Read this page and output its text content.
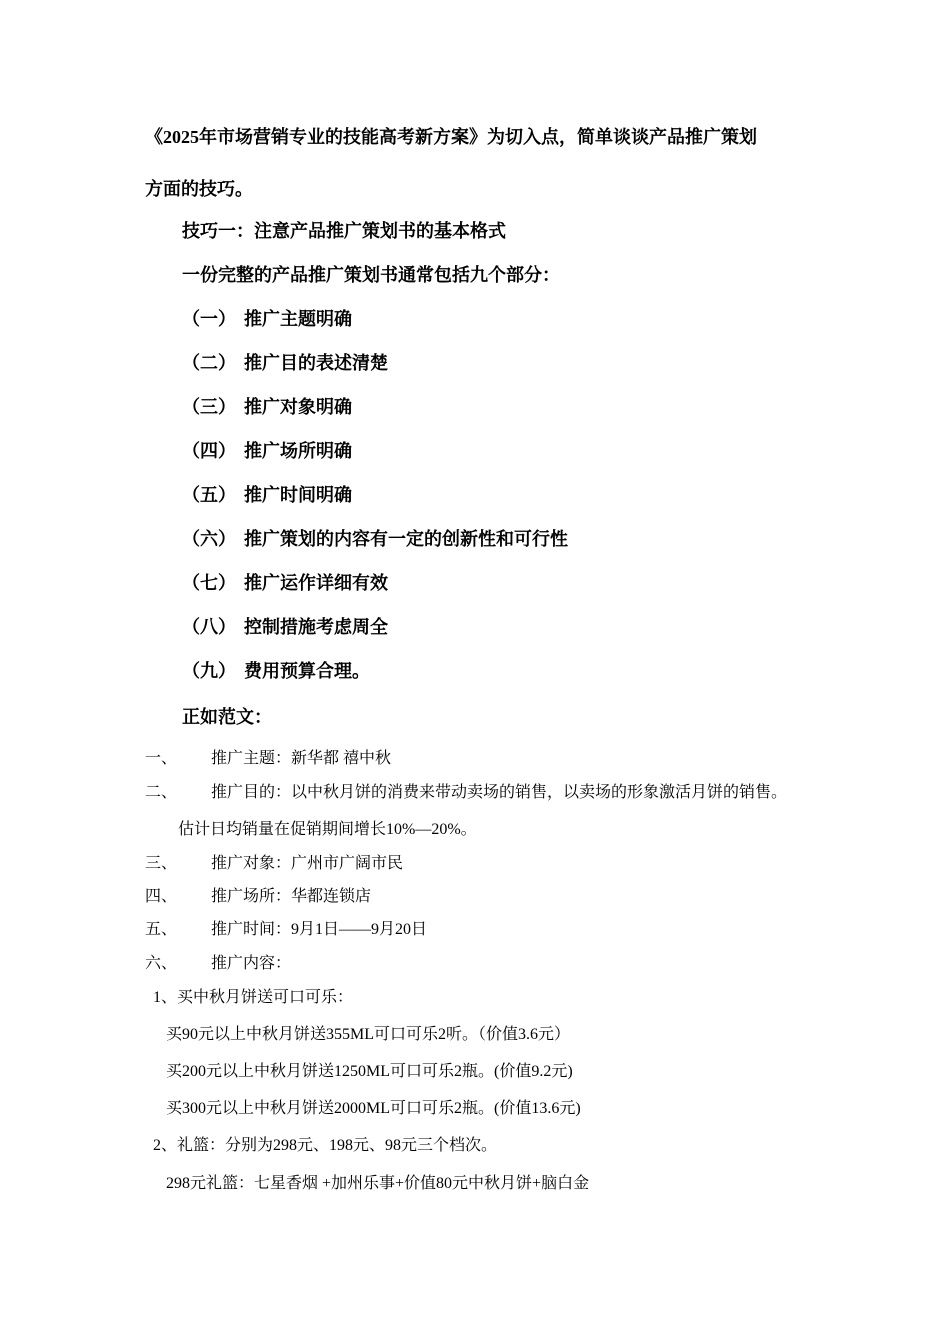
《2025年市场营销专业的技能高考新方案》为切入点，简单谈谈产品推广策划
方面的技巧。
技巧一：注意产品推广策划书的基本格式
一份完整的产品推广策划书通常包括九个部分：
（一） 推广主题明确
（二） 推广目的表述清楚
（三） 推广对象明确
（四） 推广场所明确
（五） 推广时间明确
（六） 推广策划的内容有一定的创新性和可行性
（七） 推广运作详细有效
（八） 控制措施考虑周全
（九） 费用预算合理。
正如范文：
一、 推广主题：新华都 禧中秋
二、 推广目的：以中秋月饼的消费来带动卖场的销售，以卖场的形象激活月饼的销售。
估计日均销量在促销期间增长10%—20%。
三、 推广对象：广州市广阔市民
四、 推广场所：华都连锁店
五、 推广时间：9月1日——9月20日
六、 推广内容：
1、买中秋月饼送可口可乐：
买90元以上中秋月饼送355ML可口可乐2听。（价值3.6元）
买200元以上中秋月饼送1250ML可口可乐2瓶。(价值9.2元)
买300元以上中秋月饼送2000ML可口可乐2瓶。(价值13.6元)
2、礼篮：分别为298元、198元、98元三个档次。
298元礼篮：七星香烟 +加州乐事+价值80元中秋月饼+脑白金
